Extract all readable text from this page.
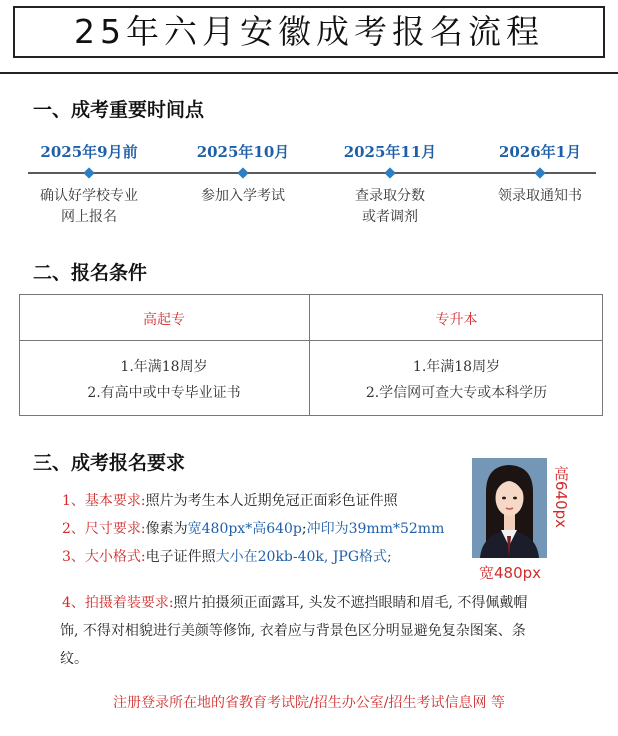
25年六月安徽成考报名流程
一、成考重要时间点
2025年9月前
确认好学校专业
网上报名
2025年10月
参加入学考试
2025年11月
查录取分数
或者调剂
2026年1月
领录取通知书
二、报名条件
高起专	专升本
1.年满18周岁
2.有高中或中专毕业证书
1.年满18周岁
2.学信网可查大专或本科学历
三、成考报名要求
1、基本要求:照片为考生本人近期免冠正面彩色证件照
2、尺寸要求:像素为宽480px*高640p;冲印为39mm*52mm
3、大小格式:电子证件照大小在20kb-40k, JPG格式;
4、拍摄着装要求:照片拍摄须正面露耳, 头发不遮挡眼睛和眉毛, 不得佩戴帽
饰, 不得对相貌进行美颜等修饰, 衣着应与背景色区分明显避免复杂图案、条
纹。
高640px
宽480px
注册登录所在地的省教育考试院/招生办公室/招生考试信息网 等
